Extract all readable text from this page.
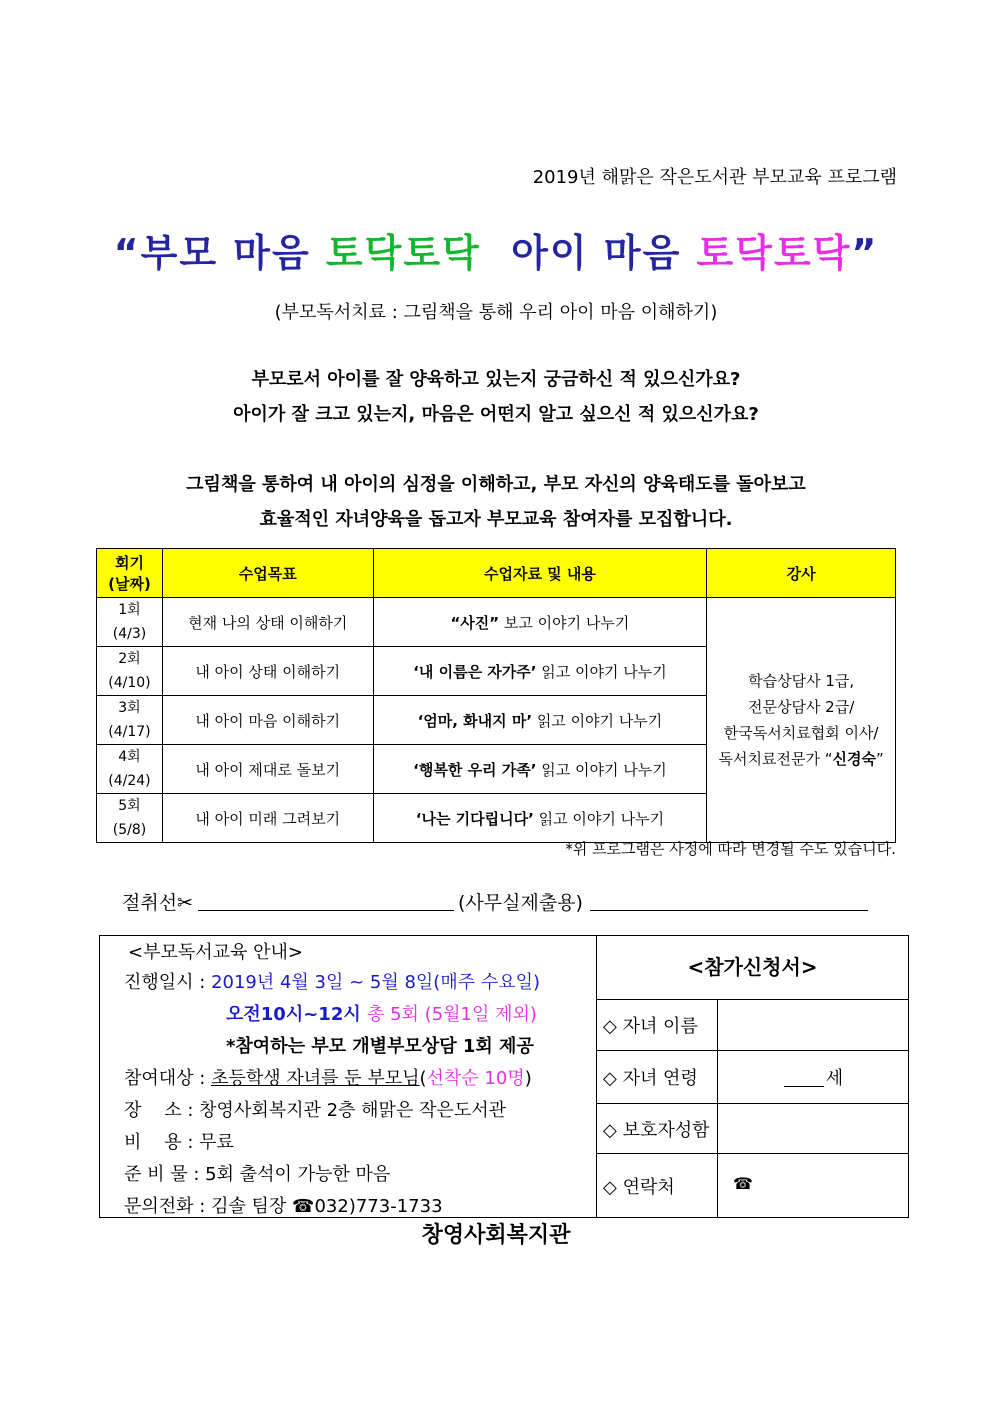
2019년 해맑은 작은도서관 부모교육 프로그램
“부모 마음 토닥토닥  아이 마음 토닥토닥”
(부모독서치료 : 그림책을 통해 우리 아이 마음 이해하기)
부모로서 아이를 잘 양육하고 있는지 궁금하신 적 있으신가요?
아이가 잘 크고 있는지, 마음은 어떤지 알고 싶으신 적 있으신가요?
그림책을 통하여 내 아이의 심정을 이해하고, 부모 자신의 양육태도를 돌아보고
효율적인 자녀양육을 돕고자 부모교육 참여자를 모집합니다.
회기
(날짜)	수업목표	수업자료 및 내용	강사
1회
(4/3)	현재 나의 상태 이해하기	“사진” 보고 이야기 나누기	학습상담사 1급,
전문상담사 2급/
한국독서치료협회 이사/
독서치료전문가 “신경숙”
2회
(4/10)	내 아이 상태 이해하기	‘내 이름은 자가주’ 읽고 이야기 나누기	
3회
(4/17)	내 아이 마음 이해하기	‘엄마, 화내지 마’ 읽고 이야기 나누기	
4회
(4/24)	내 아이 제대로 돌보기	‘행복한 우리 가족’ 읽고 이야기 나누기	
5회
(5/8)	내 아이 미래 그려보기	‘나는 기다립니다’ 읽고 이야기 나누기	
*위 프로그램은 사정에 따라 변경될 수도 있습니다.
절취선✂	(사무실제출용)
<부모독서교육 안내>
진행일시 : 2019년 4월 3일 ~ 5월 8일(매주 수요일)
오전10시~12시 총 5회 (5월1일 제외)
*참여하는 부모 개별부모상담 1회 제공
참여대상 : 초등학생 자녀를 둔 부모님(선착순 10명)
장    소 : 창영사회복지관 2층 해맑은 작은도서관
비    용 : 무료
준 비 물 : 5회 출석이 가능한 마음
문의전화 : 김솔 팀장 ☎032)773-1733
<참가신청서>
◇ 자녀 이름
◇ 자녀 연령	세
◇ 보호자성함
◇ 연락처	☎
창영사회복지관
